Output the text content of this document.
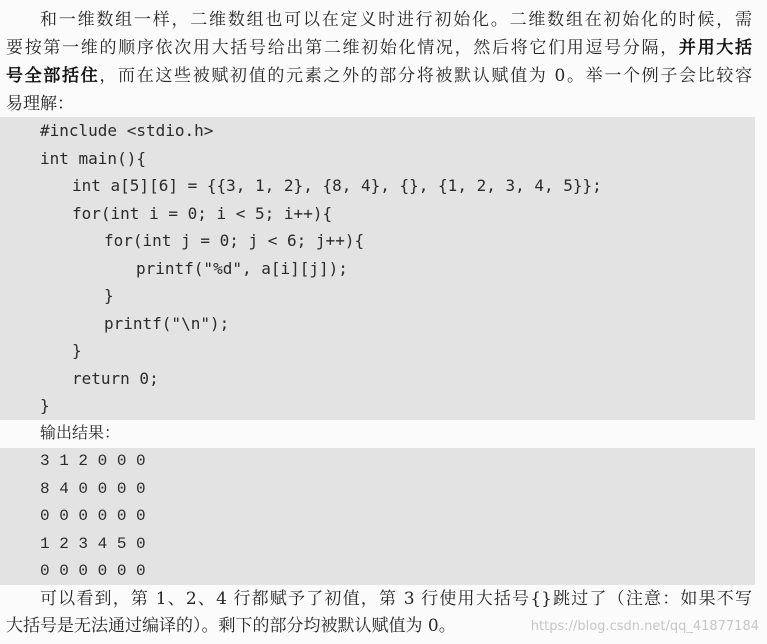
和一维数组一样，二维数组也可以在定义时进行初始化。二维数组在初始化的时候，需
要按第一维的顺序依次用大括号给出第二维初始化情况，然后将它们用逗号分隔，并用大括
号全部括住，而在这些被赋初值的元素之外的部分将被默认赋值为 0。举一个例子会比较容
易理解：
#include <stdio.h>
int main(){
int a[5][6] = {{3, 1, 2}, {8, 4}, {}, {1, 2, 3, 4, 5}};
for(int i = 0; i < 5; i++){
for(int j = 0; j < 6; j++){
printf("%d", a[i][j]);
}
printf("\n");
}
return 0;
}
输出结果：
3 1 2 0 0 0
8 4 0 0 0 0
0 0 0 0 0 0
1 2 3 4 5 0
0 0 0 0 0 0
可以看到，第 1、2、4 行都赋予了初值，第 3 行使用大括号{}跳过了（注意：如果不写
大括号是无法通过编译的）。剩下的部分均被默认赋值为 0。	https://blog.csdn.net/qq_41877184
